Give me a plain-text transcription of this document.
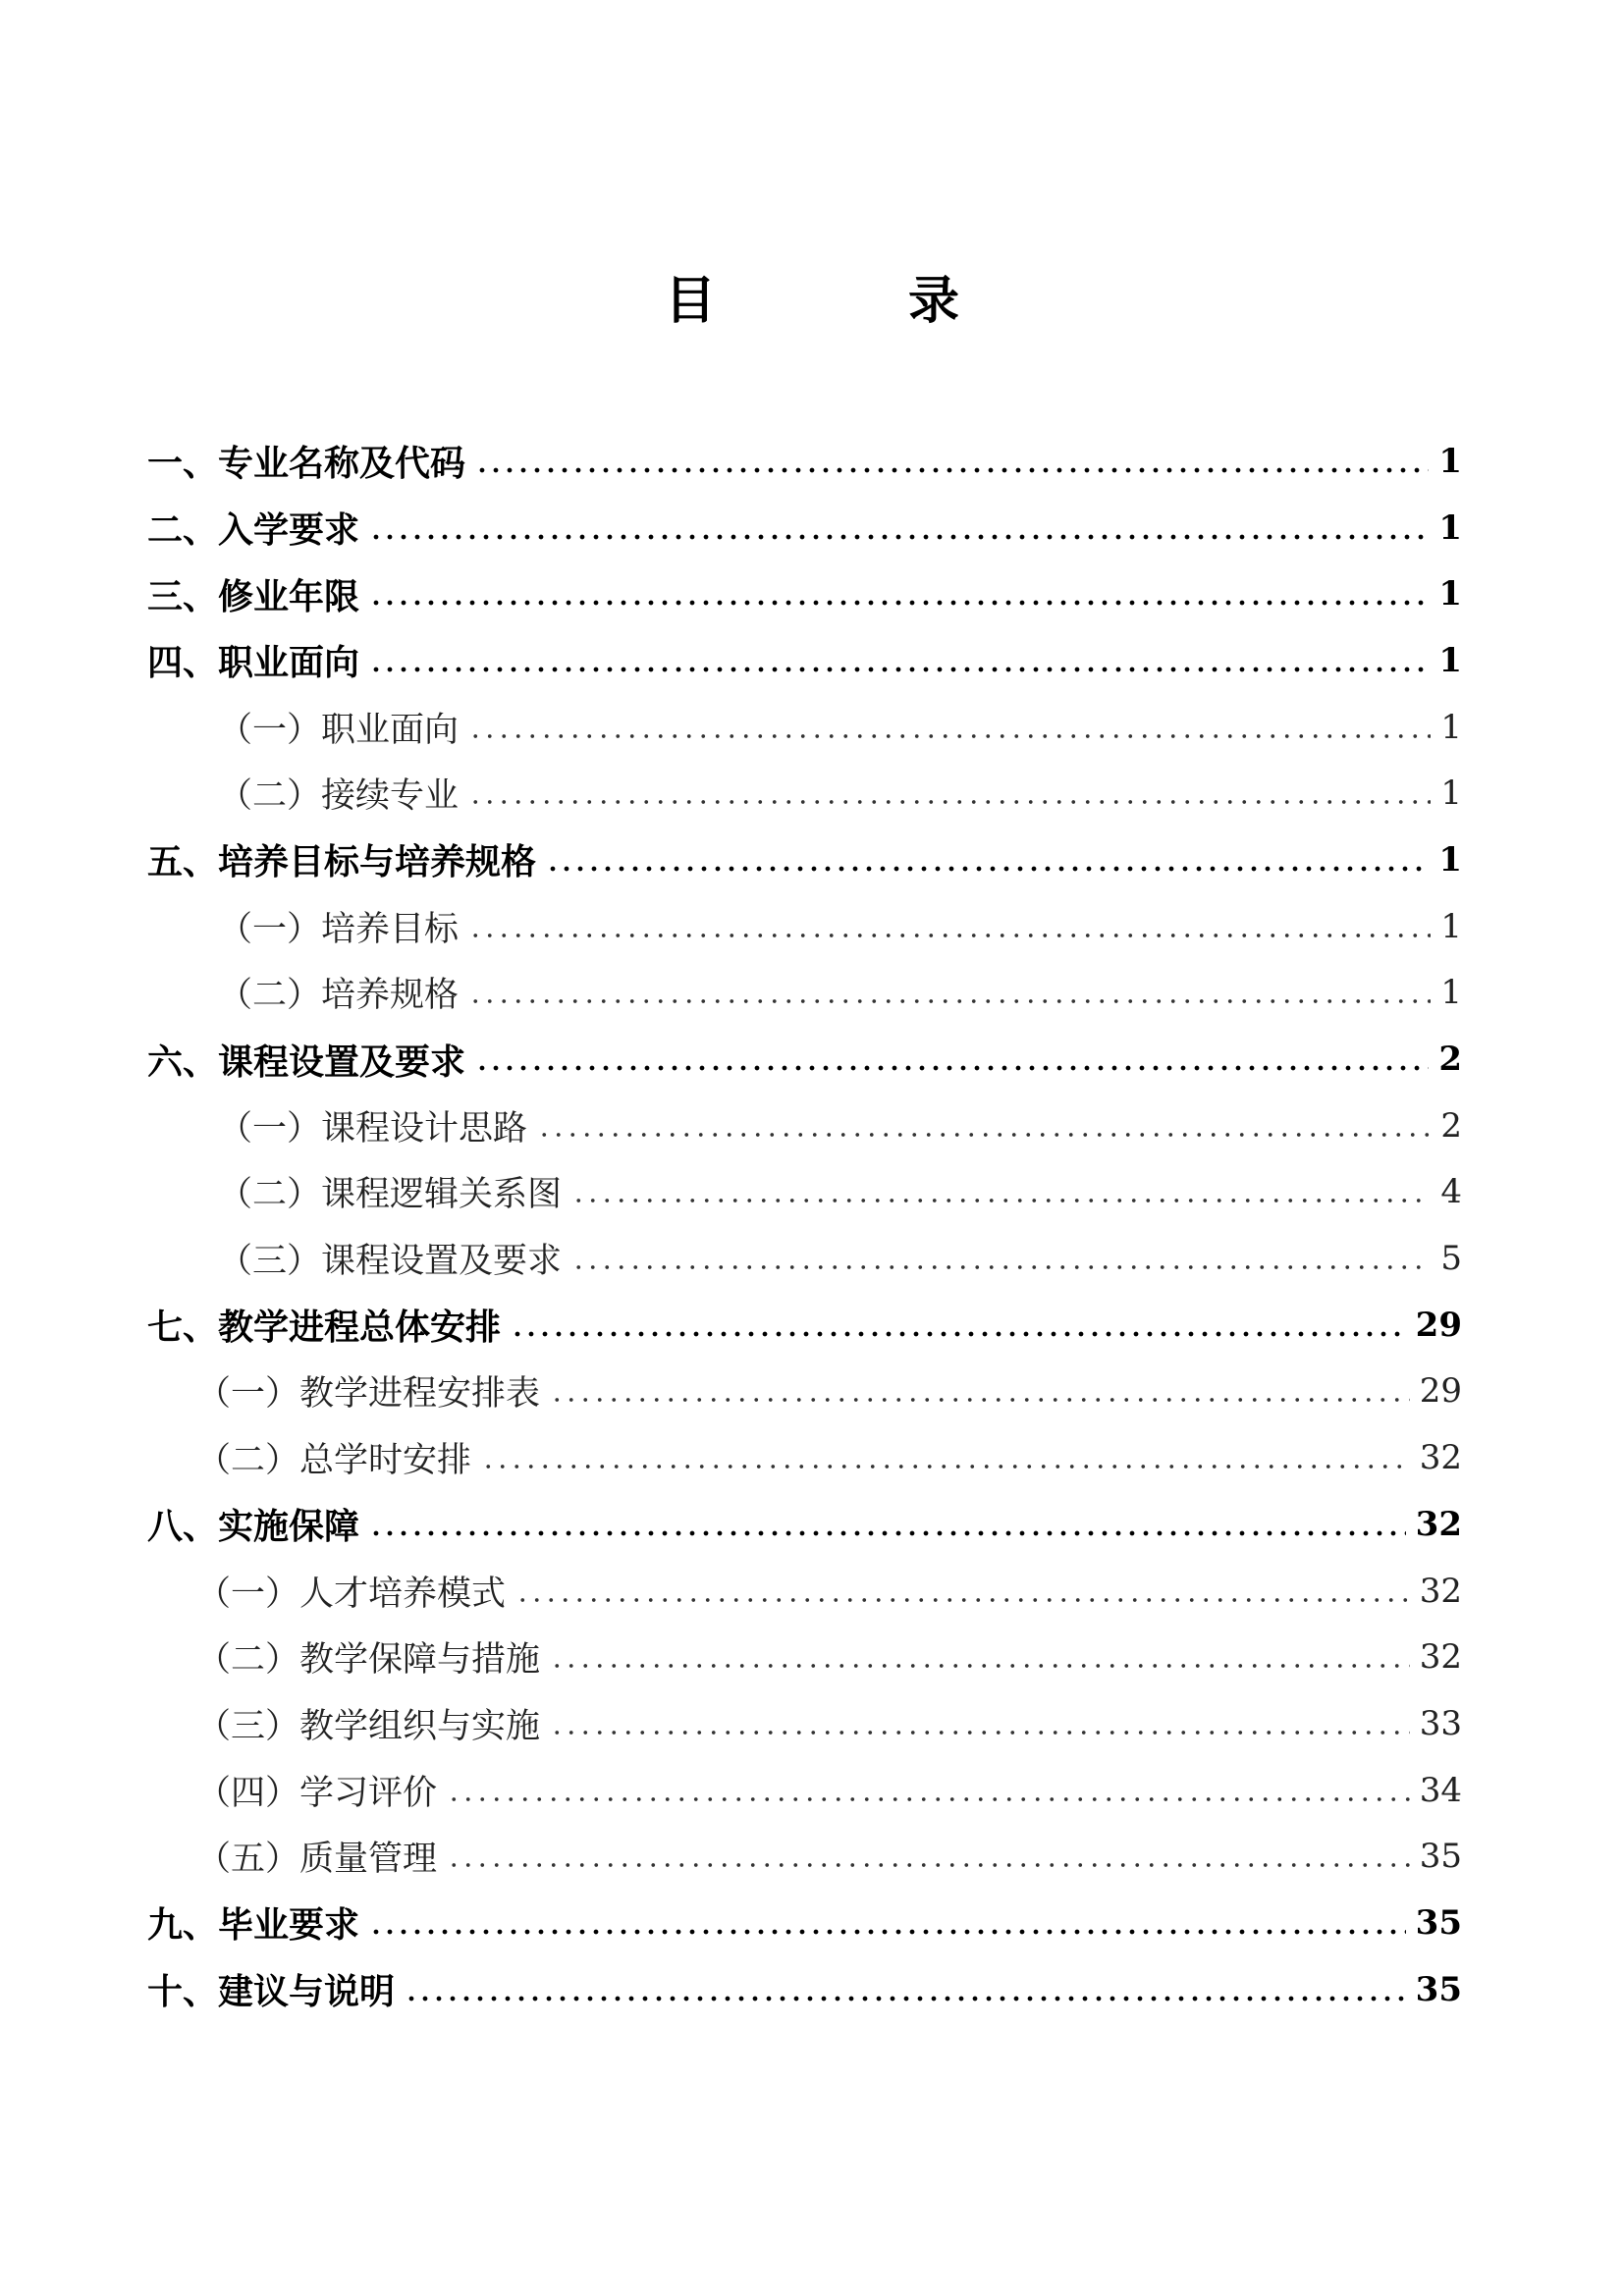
目　录
一、专业名称及代码	1
二、入学要求	1
三、修业年限	1
四、职业面向	1
（一）职业面向	1
（二）接续专业	1
五、培养目标与培养规格	1
（一）培养目标	1
（二）培养规格	1
六、课程设置及要求	2
（一）课程设计思路	2
（二）课程逻辑关系图	4
（三）课程设置及要求	5
七、教学进程总体安排	29
（一）教学进程安排表	29
（二）总学时安排	32
八、实施保障	32
（一）人才培养模式	32
（二）教学保障与措施	32
（三）教学组织与实施	33
（四）学习评价	34
（五）质量管理	35
九、毕业要求	35
十、建议与说明	35
